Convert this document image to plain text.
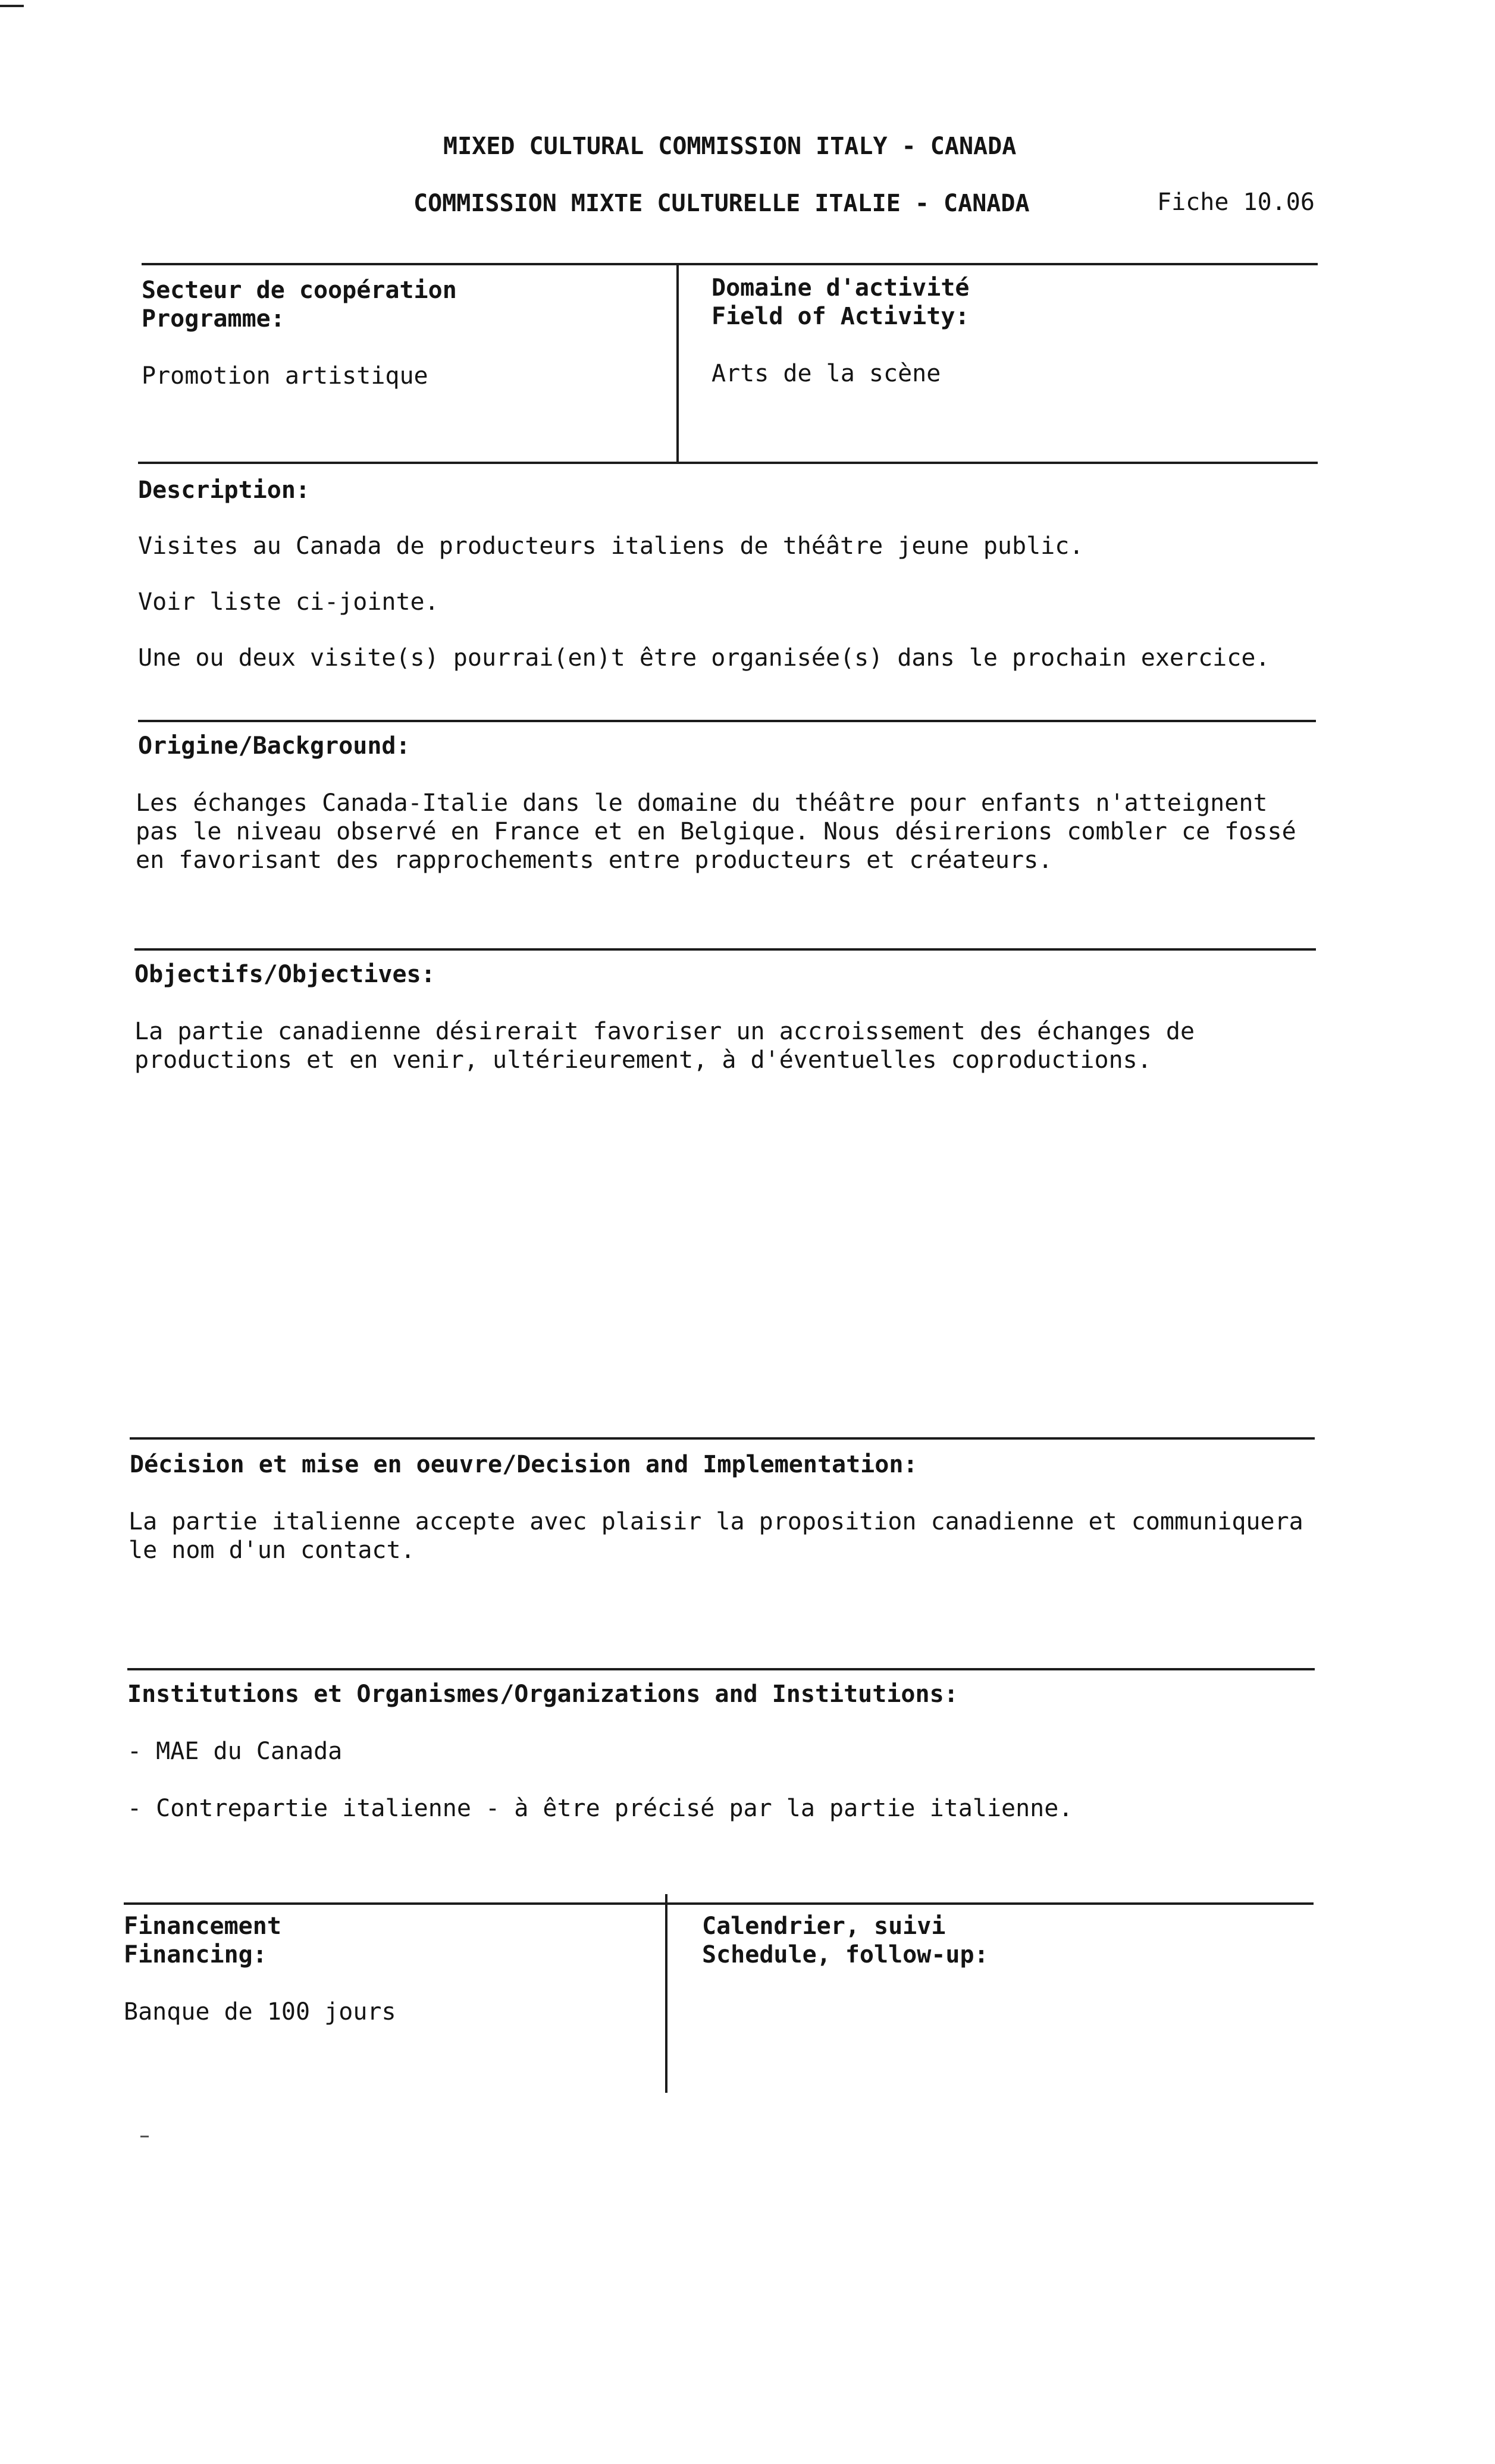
MIXED CULTURAL COMMISSION ITALY - CANADA
COMMISSION MIXTE CULTURELLE ITALIE - CANADA	Fiche 10.06
Secteur de coopération
Programme:
Promotion artistique
Domaine d'activité
Field of Activity:
Arts de la scène
Description:
Visites au Canada de producteurs italiens de théâtre jeune public.
Voir liste ci-jointe.
Une ou deux visite(s) pourrai(en)t être organisée(s) dans le prochain exercice.
Origine/Background:
Les échanges Canada-Italie dans le domaine du théâtre pour enfants n'atteignent
pas le niveau observé en France et en Belgique. Nous désirerions combler ce fossé
en favorisant des rapprochements entre producteurs et créateurs.
Objectifs/Objectives:
La partie canadienne désirerait favoriser un accroissement des échanges de
productions et en venir, ultérieurement, à d'éventuelles coproductions.
Décision et mise en oeuvre/Decision and Implementation:
La partie italienne accepte avec plaisir la proposition canadienne et communiquera
le nom d'un contact.
Institutions et Organismes/Organizations and Institutions:
- MAE du Canada
- Contrepartie italienne - à être précisé par la partie italienne.
Financement
Financing:
Banque de 100 jours
Calendrier, suivi
Schedule, follow-up:
